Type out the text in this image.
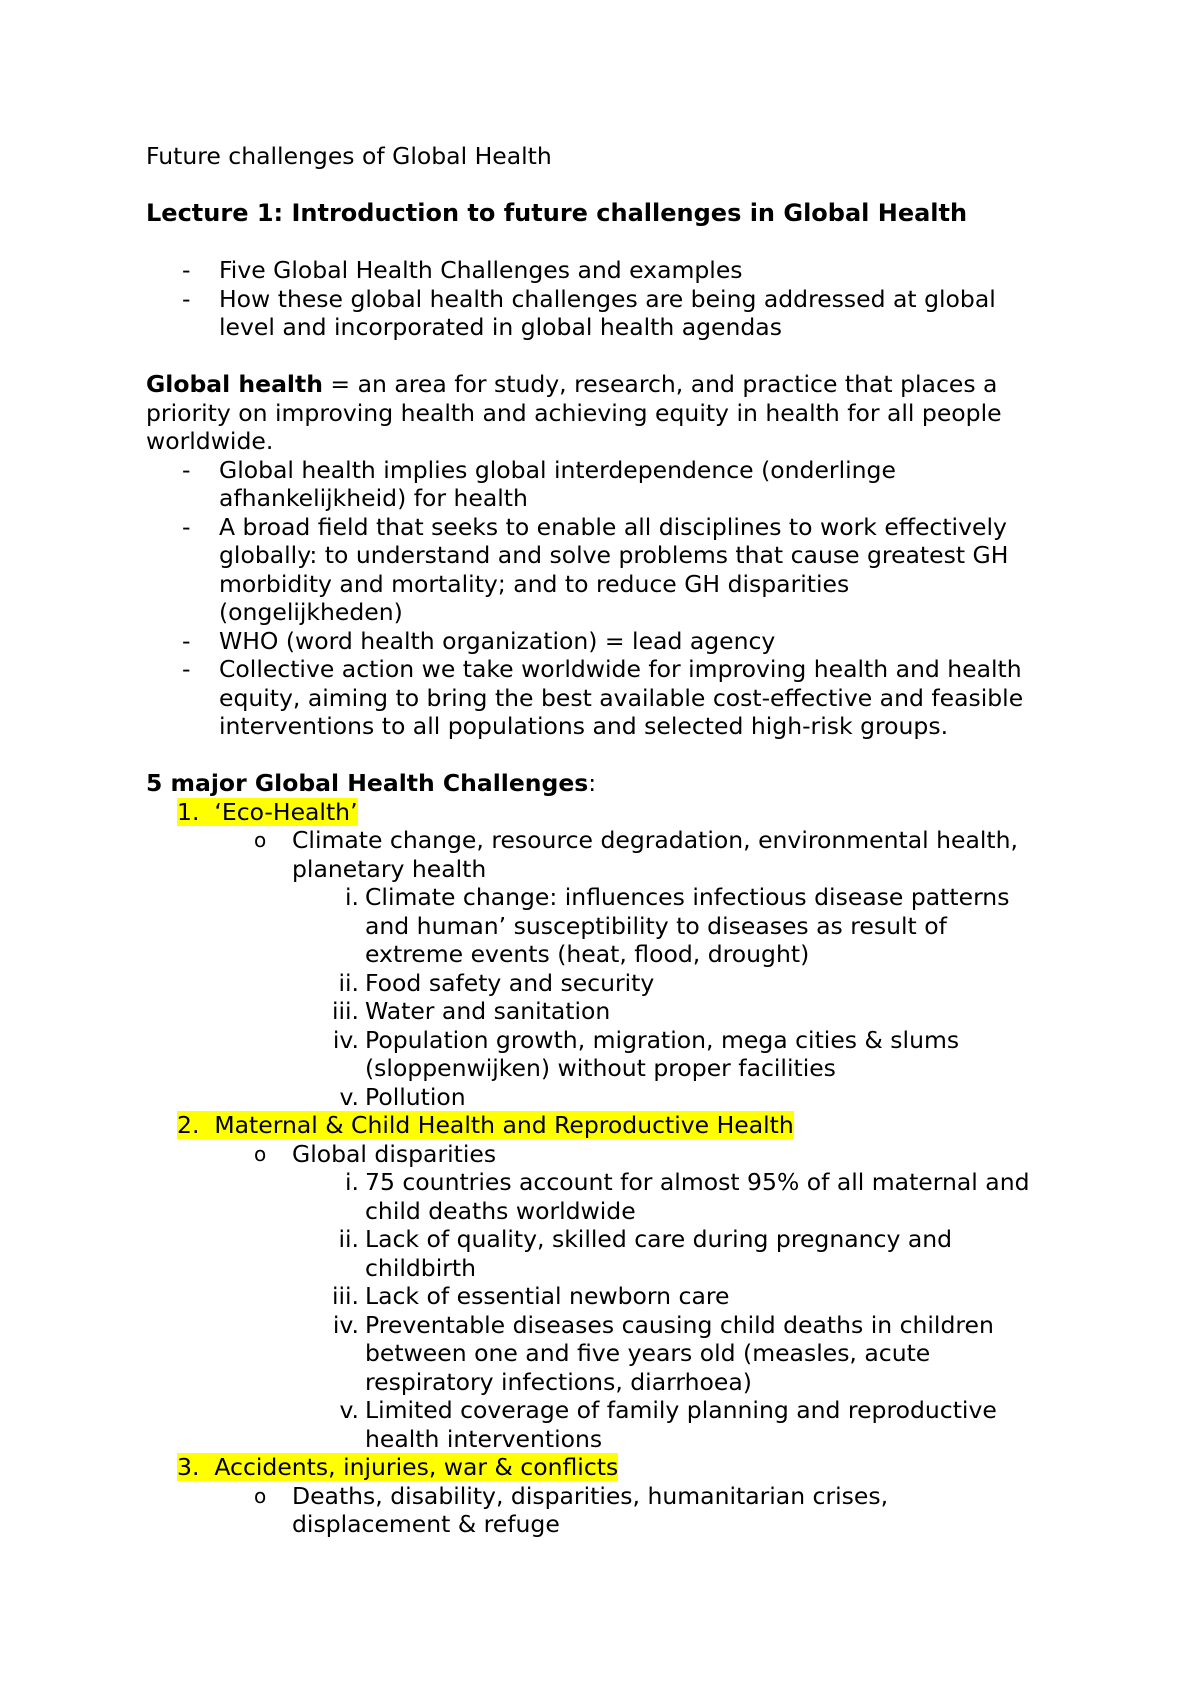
Future challenges of Global Health
Lecture 1: Introduction to future challenges in Global Health
- Five Global Health Challenges and examples
- How these global health challenges are being addressed at global
level and incorporated in global health agendas
Global health = an area for study, research, and practice that places a
priority on improving health and achieving equity in health for all people
worldwide.
- Global health implies global interdependence (onderlinge
afhankelijkheid) for health
- A broad field that seeks to enable all disciplines to work effectively
globally: to understand and solve problems that cause greatest GH
morbidity and mortality; and to reduce GH disparities
(ongelijkheden)
- WHO (word health organization) = lead agency
- Collective action we take worldwide for improving health and health
equity, aiming to bring the best available cost-effective and feasible
interventions to all populations and selected high-risk groups.
5 major Global Health Challenges:
1. ‘Eco-Health’
o Climate change, resource degradation, environmental health,
planetary health
i. Climate change: influences infectious disease patterns
and human’ susceptibility to diseases as result of
extreme events (heat, flood, drought)
ii. Food safety and security
iii. Water and sanitation
iv. Population growth, migration, mega cities & slums
(sloppenwijken) without proper facilities
v. Pollution
2. Maternal & Child Health and Reproductive Health
o Global disparities
i. 75 countries account for almost 95% of all maternal and
child deaths worldwide
ii. Lack of quality, skilled care during pregnancy and
childbirth
iii. Lack of essential newborn care
iv. Preventable diseases causing child deaths in children
between one and five years old (measles, acute
respiratory infections, diarrhoea)
v. Limited coverage of family planning and reproductive
health interventions
3. Accidents, injuries, war & conflicts
o Deaths, disability, disparities, humanitarian crises,
displacement & refuge
